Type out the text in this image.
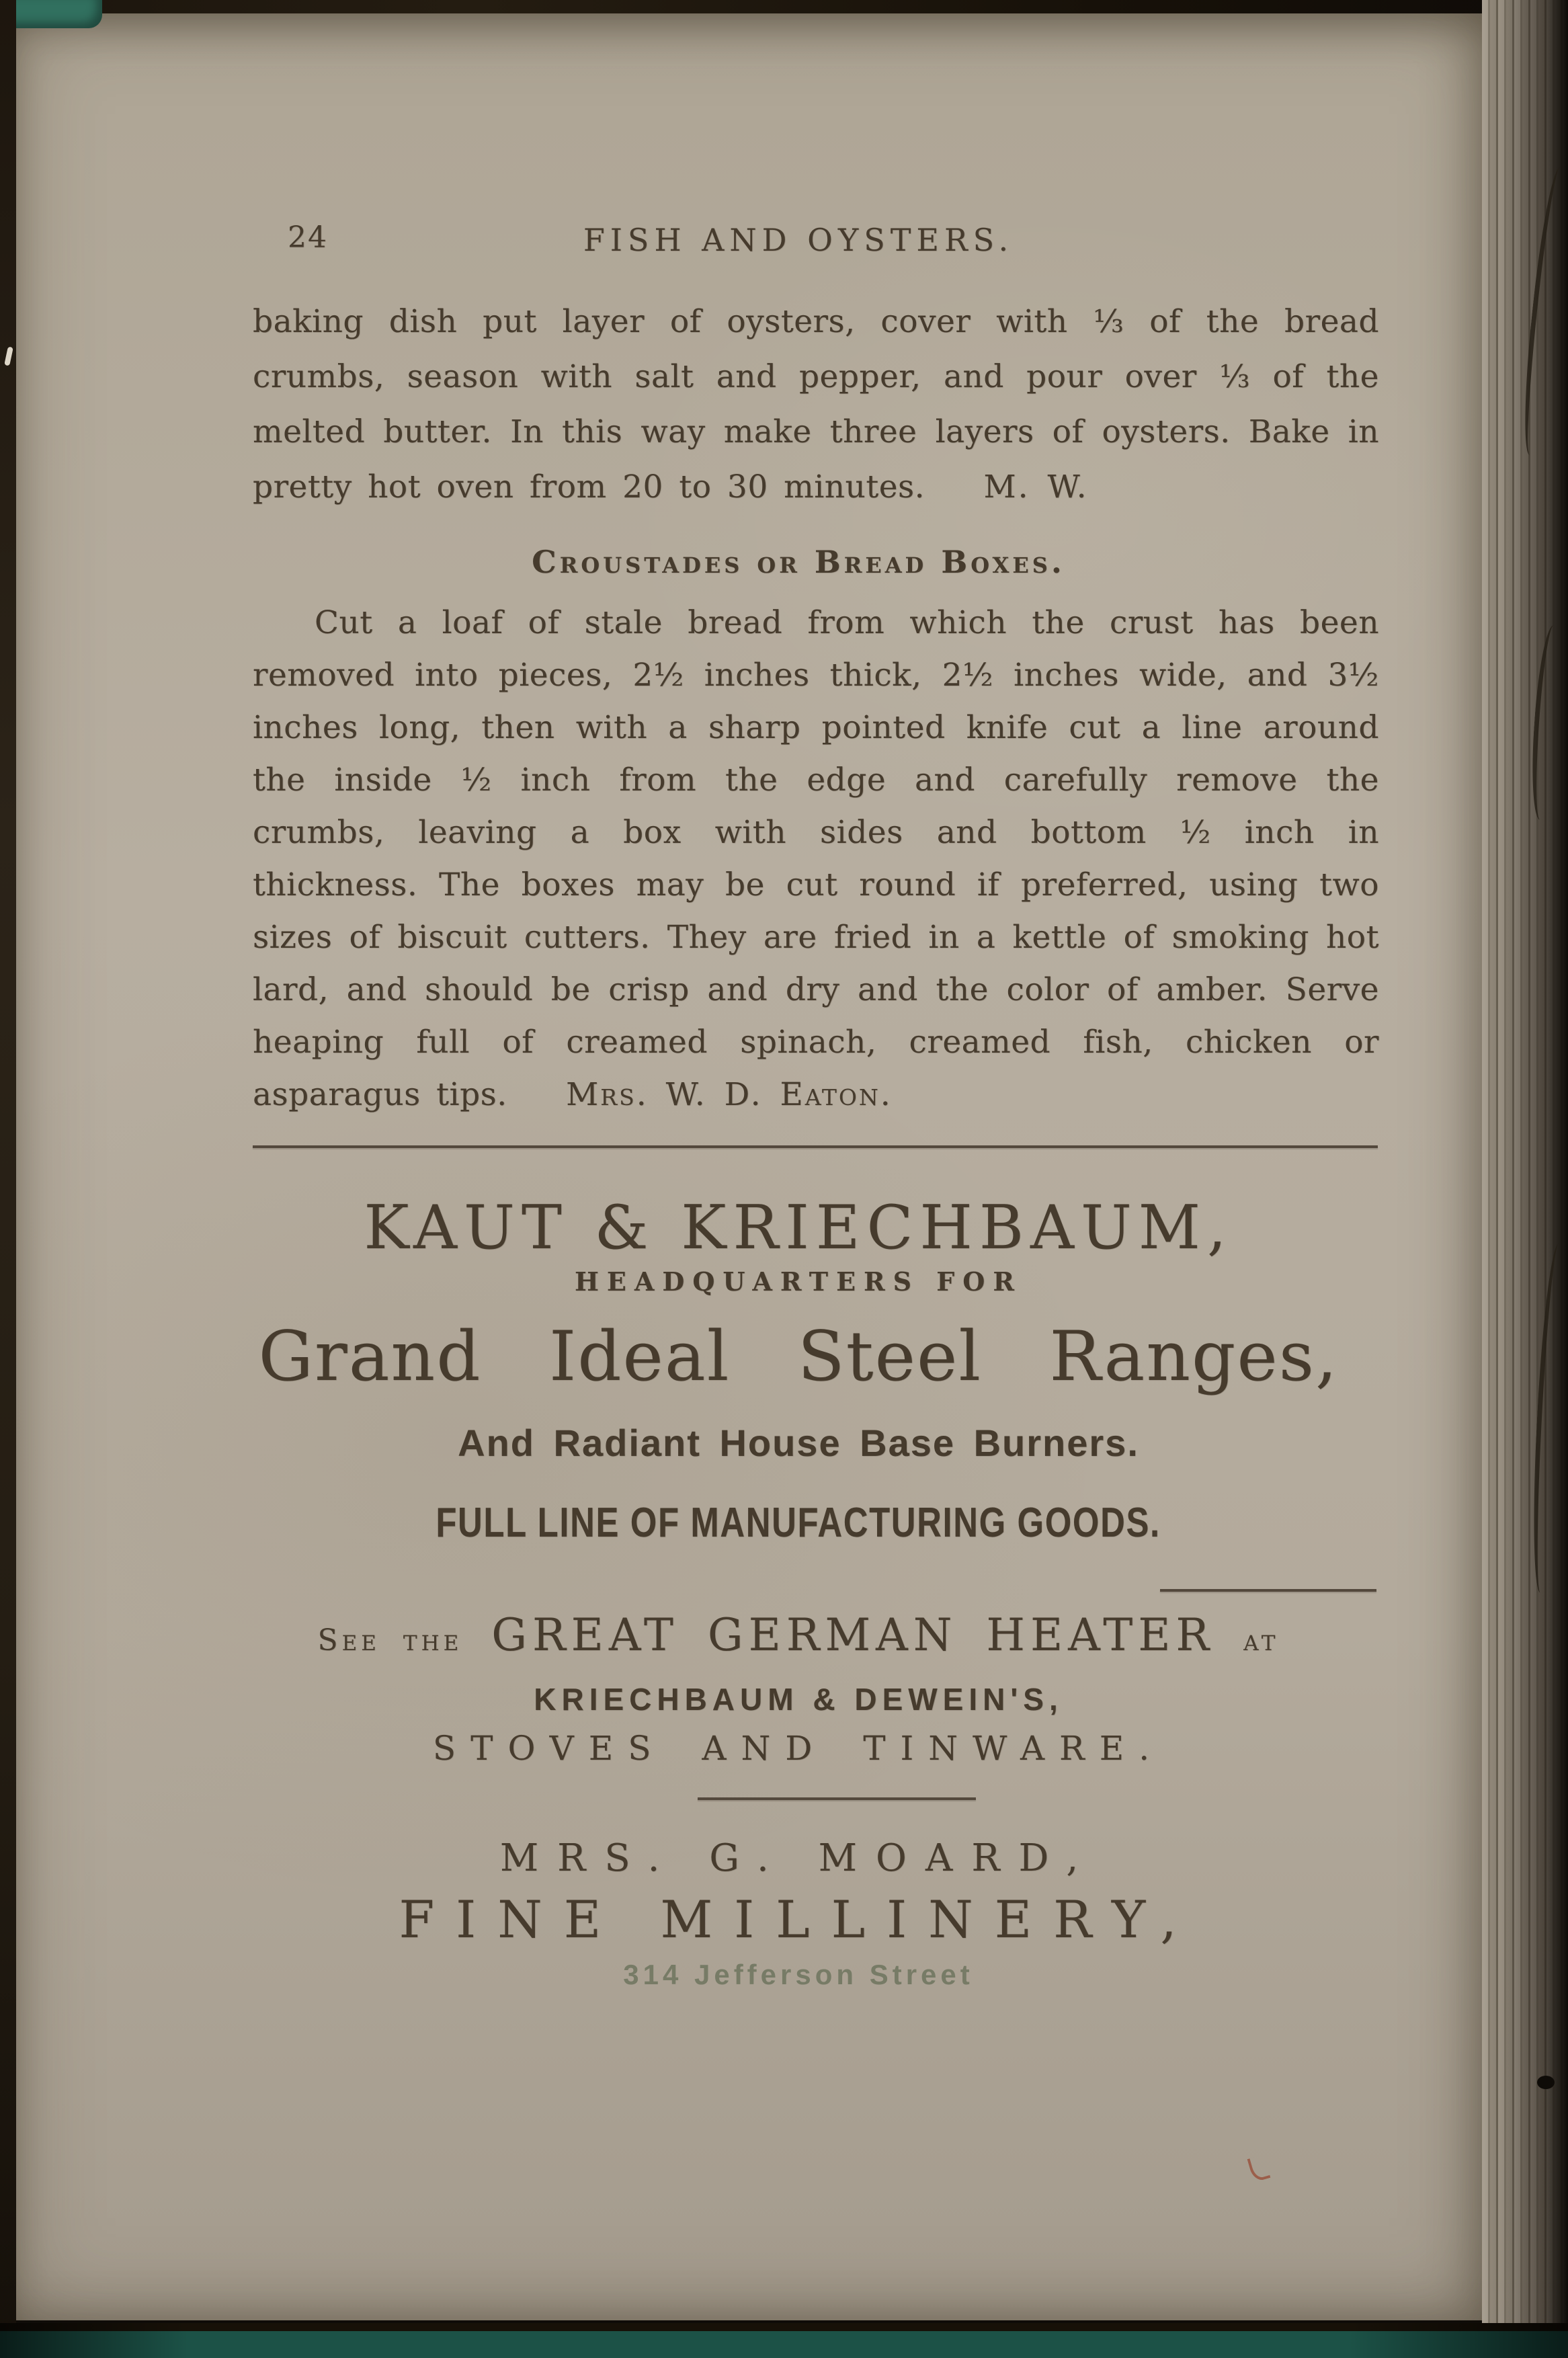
24	FISH AND OYSTERS.

baking dish put layer of oysters, cover with ⅓ of the bread crumbs, season with salt and pepper, and pour over ⅓ of the melted butter. In this way make three layers of oysters. Bake in pretty hot oven from 20 to 30 minutes. M. W.

Croustades or Bread Boxes.

Cut a loaf of stale bread from which the crust has been removed into pieces, 2½ inches thick, 2½ inches wide, and 3½ inches long, then with a sharp pointed knife cut a line around the inside ½ inch from the edge and carefully remove the crumbs, leaving a box with sides and bottom ½ inch in thickness. The boxes may be cut round if preferred, using two sizes of biscuit cutters. They are fried in a kettle of smoking hot lard, and should be crisp and dry and the color of amber. Serve heaping full of creamed spinach, creamed fish, chicken or asparagus tips. Mrs. W. D. Eaton.

KAUT & KRIECHBAUM,
HEADQUARTERS FOR
Grand Ideal Steel Ranges,
And Radiant House Base Burners.
FULL LINE OF MANUFACTURING GOODS.
See the GREAT GERMAN HEATER at
KRIECHBAUM & DEWEIN'S,
STOVES AND TINWARE.
MRS. G. MOARD,
FINE MILLINERY,
314 Jefferson Street
